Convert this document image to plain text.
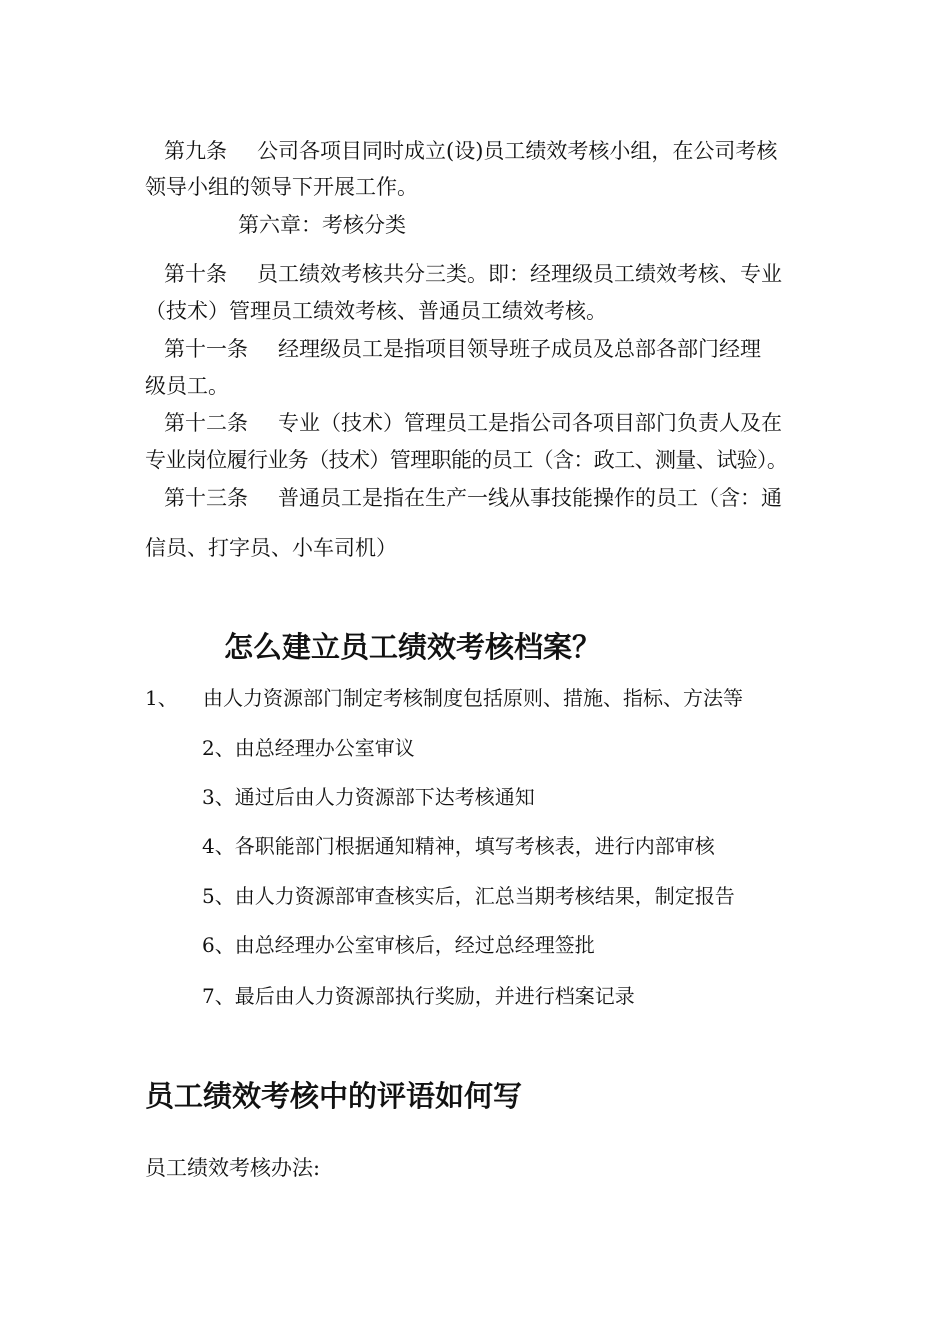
第九条 公司各项目同时成立(设)员工绩效考核小组，在公司考核
领导小组的领导下开展工作。
第六章：考核分类
第十条 员工绩效考核共分三类。即：经理级员工绩效考核、专业
（技术）管理员工绩效考核、普通员工绩效考核。
第十一条 经理级员工是指项目领导班子成员及总部各部门经理
级员工。
第十二条 专业（技术）管理员工是指公司各项目部门负责人及在
专业岗位履行业务（技术）管理职能的员工（含：政工、测量、试验）。
第十三条 普通员工是指在生产一线从事技能操作的员工（含：通
信员、打字员、小车司机）
怎么建立员工绩效考核档案？
1、 由人力资源部门制定考核制度包括原则、措施、指标、方法等
2、由总经理办公室审议
3、通过后由人力资源部下达考核通知
4、各职能部门根据通知精神，填写考核表，进行内部审核
5、由人力资源部审查核实后，汇总当期考核结果，制定报告
6、由总经理办公室审核后，经过总经理签批
7、最后由人力资源部执行奖励，并进行档案记录
员工绩效考核中的评语如何写
员工绩效考核办法:
